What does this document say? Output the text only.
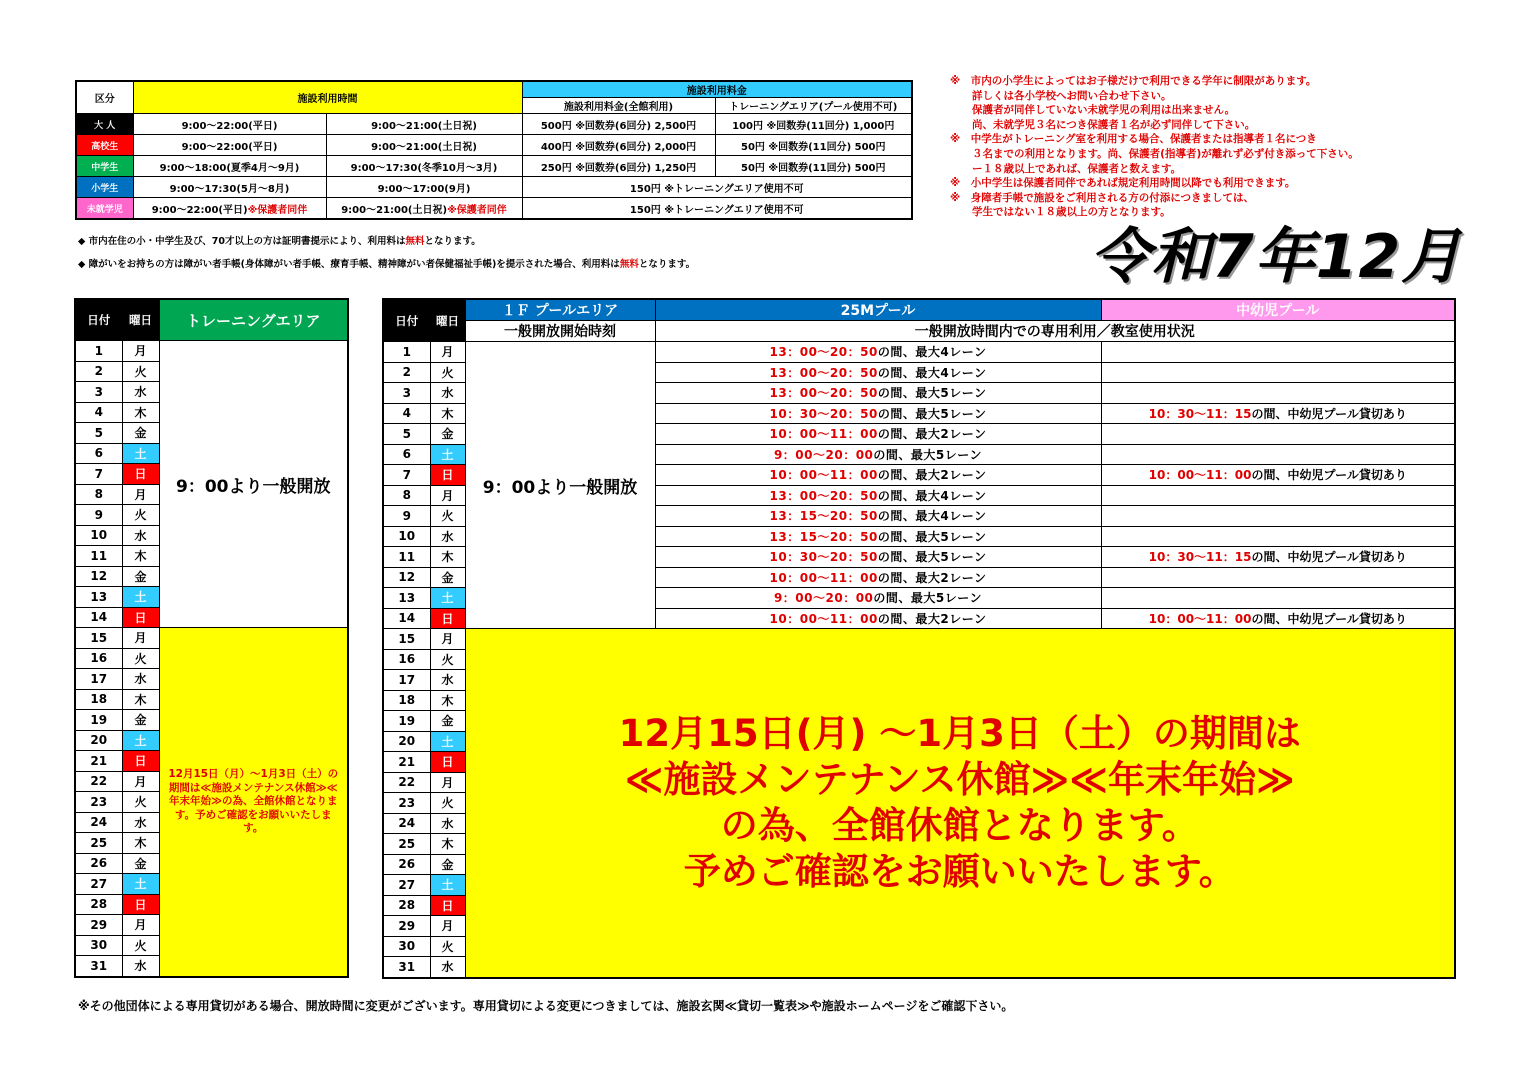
区分	施設利用時間		施設利用料金	
			施設利用料金(全館利用)	トレーニングエリア(プール使用不可)
大 人	9:00～22:00(平日)	9:00～21:00(土日祝)	500円 ※回数券(6回分) 2,500円	100円 ※回数券(11回分) 1,000円
高校生	9:00～22:00(平日)	9:00～21:00(土日祝)	400円 ※回数券(6回分) 2,000円	50円 ※回数券(11回分) 500円
中学生	9:00～18:00(夏季4月～9月)	9:00～17:30(冬季10月～3月)	250円 ※回数券(6回分) 1,250円	50円 ※回数券(11回分) 500円
小学生	9:00～17:30(5月～8月)	9:00～17:00(9月)	150円 ※トレーニングエリア使用不可	
未就学児	9:00～22:00(平日)※保護者同伴	9:00～21:00(土日祝)※保護者同伴	150円 ※トレーニングエリア使用不可	
◆ 市内在住の小・中学生及び、70才以上の方は証明書提示により、利用料は無料となります。
◆ 障がいをお持ちの方は障がい者手帳(身体障がい者手帳、療育手帳、精神障がい者保健福祉手帳)を提示された場合、利用料は無料となります。
※　市内の小学生によってはお子様だけで利用できる学年に制限があります。
詳しくは各小学校へお問い合わせ下さい。
保護者が同伴していない未就学児の利用は出来ません。
尚、未就学児３名につき保護者１名が必ず同伴して下さい。
※　中学生がトレーニング室を利用する場合、保護者または指導者１名につき
３名までの利用となります。尚、保護者(指導者)が離れず必ず付き添って下さい。
ー１８歳以上であれば、保護者と数えます。
※　小中学生は保護者同伴であれば規定利用時間以降でも利用できます。
※　身障者手帳で施設をご利用される方の付添につきましては、
学生ではない１８歳以上の方となります。
令和7年12月
日付	曜日	トレーニングエリア
1	月	9：00より一般開放
2	火	
3	水	
4	木	
5	金	
6	土	
7	日	
8	月	
9	火	
10	水	
11	木	
12	金	
13	土	
14	日	
15	月	12月15日（月）～1月3日（土）の期間は≪施設メンテナンス休館≫≪年末年始≫の為、全館休館となります。予めご確認をお願いいたします。
16	火	
17	水	
18	木	
19	金	
20	土	
21	日	
22	月	
23	火	
24	水	
25	木	
26	金	
27	土	
28	日	
29	月	
30	火	
31	水	
日付	曜日	１Ｆ プールエリア	25Mプール	中幼児プール
		一般開放開始時刻	一般開放時間内での専用利用／教室使用状況	
1	月	9：00より一般開放	13：00～20：50の間、最大4レーン	
2	火		13：00～20：50の間、最大4レーン	
3	水		13：00～20：50の間、最大5レーン	
4	木		10：30～20：50の間、最大5レーン	10：30～11：15の間、中幼児プール貸切あり
5	金		10：00～11：00の間、最大2レーン	
6	土		9：00～20：00の間、最大5レーン	
7	日		10：00～11：00の間、最大2レーン	10：00～11：00の間、中幼児プール貸切あり
8	月		13：00～20：50の間、最大4レーン	
9	火		13：15～20：50の間、最大4レーン	
10	水		13：15～20：50の間、最大5レーン	
11	木		10：30～20：50の間、最大5レーン	10：30～11：15の間、中幼児プール貸切あり
12	金		10：00～11：00の間、最大2レーン	
13	土		9：00～20：00の間、最大5レーン	
14	日		10：00～11：00の間、最大2レーン	10：00～11：00の間、中幼児プール貸切あり
15	月	12月15日(月) ～1月3日（土）の期間は
≪施設メンテナンス休館≫≪年末年始≫
の為、全館休館となります。
予めご確認をお願いいたします。		

16	火			
17	水			
18	木			
19	金			
20	土			
21	日			
22	月			
23	火			
24	水			
25	木			
26	金			
27	土			
28	日			
29	月			
30	火			
31	水			
※その他団体による専用貸切がある場合、開放時間に変更がございます。専用貸切による変更につきましては、施設玄関≪貸切一覧表≫や施設ホームページをご確認下さい。
